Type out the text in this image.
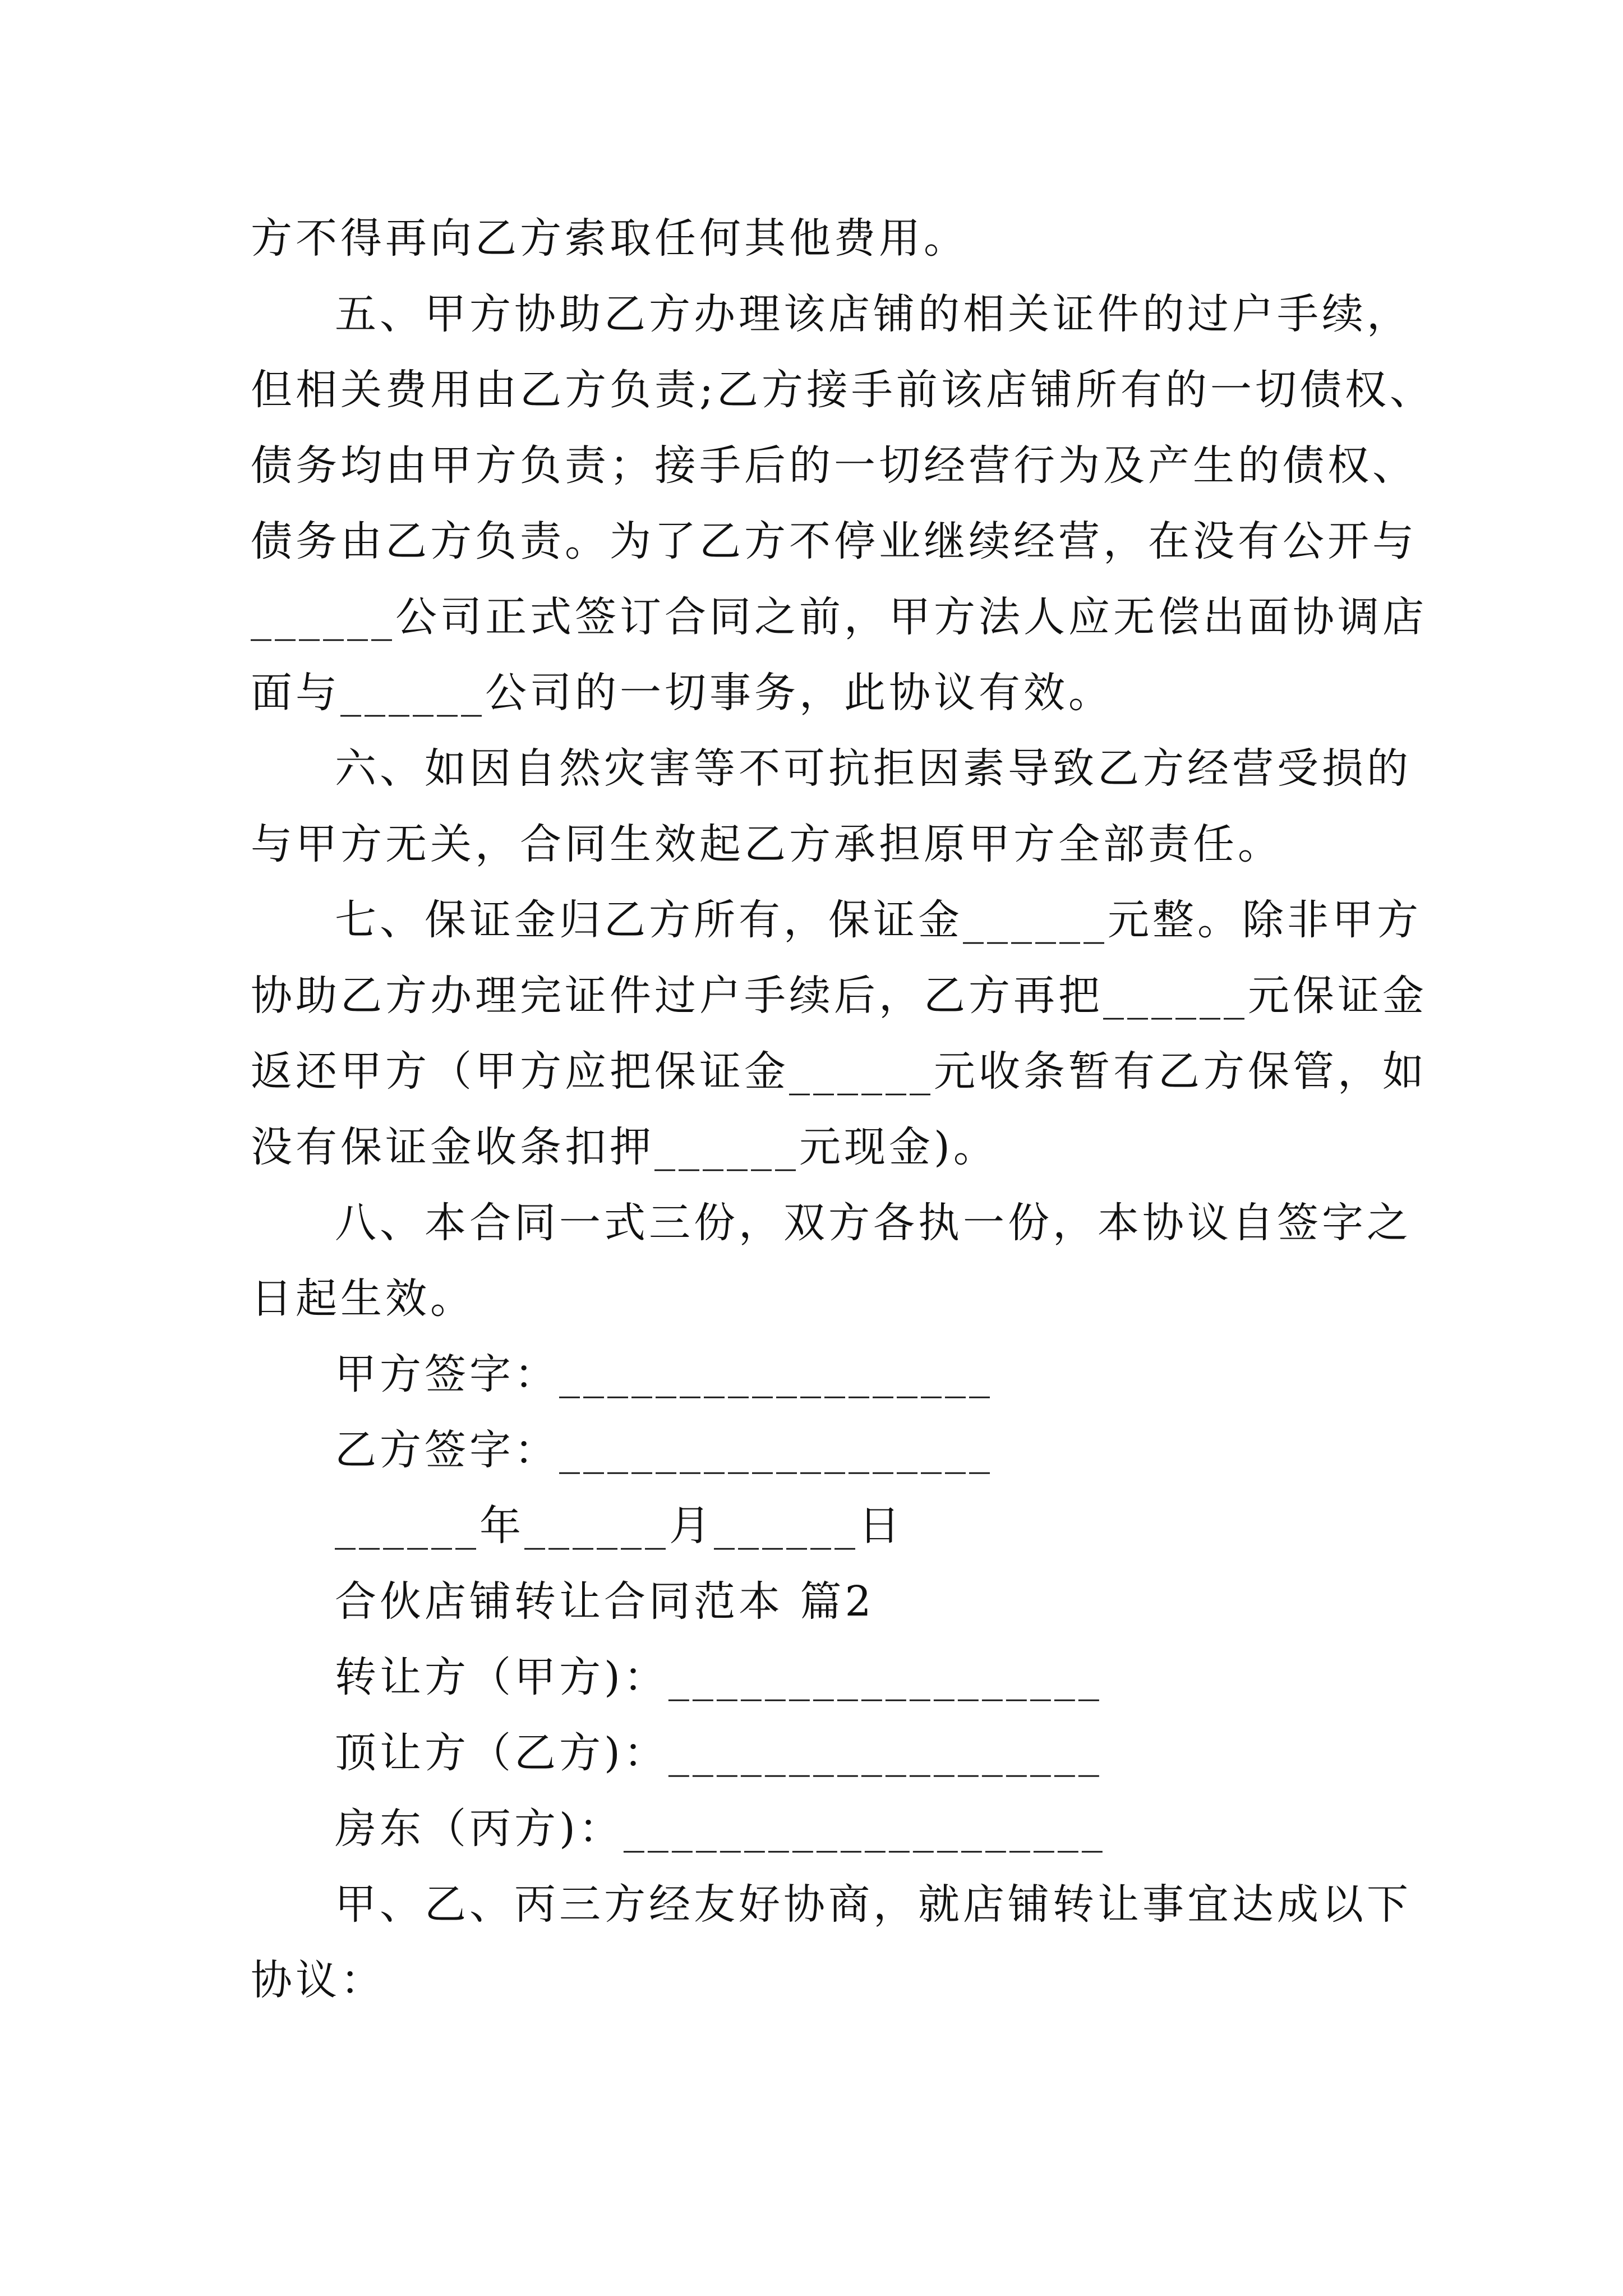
方不得再向乙方索取任何其他费用。
五、甲方协助乙方办理该店铺的相关证件的过户手续，
但相关费用由乙方负责;乙方接手前该店铺所有的一切债权、
债务均由甲方负责；接手后的一切经营行为及产生的债权、
债务由乙方负责。为了乙方不停业继续经营，在没有公开与
______公司正式签订合同之前，甲方法人应无偿出面协调店
面与______公司的一切事务，此协议有效。
六、如因自然灾害等不可抗拒因素导致乙方经营受损的
与甲方无关，合同生效起乙方承担原甲方全部责任。
七、保证金归乙方所有，保证金______元整。除非甲方
协助乙方办理完证件过户手续后，乙方再把______元保证金
返还甲方（甲方应把保证金______元收条暂有乙方保管，如
没有保证金收条扣押______元现金)。
八、本合同一式三份，双方各执一份，本协议自签字之
日起生效。
甲方签字：__________________
乙方签字：__________________
______年______月______日
合伙店铺转让合同范本 篇2
转让方（甲方)：__________________
顶让方（乙方)：__________________
房东（丙方)：____________________
甲、乙、丙三方经友好协商，就店铺转让事宜达成以下
协议：
